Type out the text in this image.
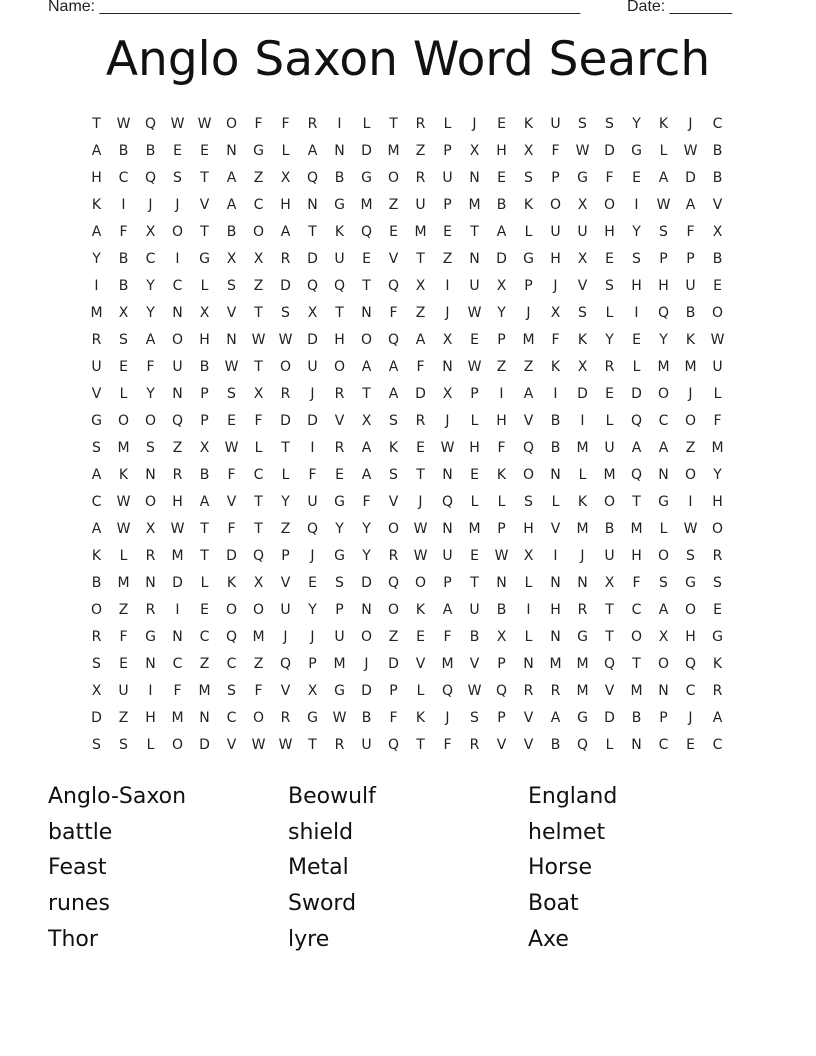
Name: ______________________________________________________	Date: _______
Anglo Saxon Word Search
T	W	Q	W W	O	F	F	R	I	L	T	R	L	J	E	K	U	S	S	Y	K	J	C
A	B	B	E	E	N	G	L	A	N	D	M	Z	P	X	H	X	F	W	D	G	L	W	B
H	C	Q	S	T	A	Z	X	Q	B	G	O	R	U	N	E	S	P	G	F	E	A	D	B
K	I	J	J	V	A	C	H	N	G	M	Z	U	P	M	B	K	O	X	O	I	W	A	V
A	F	X	O	T	B	O	A	T	K	Q	E	M	E	T	A	L	U	U	H	Y	S	F	X
Y	B	C	I	G	X	X	R	D	U	E	V	T	Z	N	D	G	H	X	E	S	P	P	B
I	B	Y	C	L	S	Z	D	Q	Q	T	Q	X	I	U	X	P	J	V	S	H	H	U	E
M	X	Y	N	X	V	T	S	X	T	N	F	Z	J	W	Y	J	X	S	L	I	Q	B	O
R	S	A	O	H	N	W W	D	H	O	Q	A	X	E	P	M	F	K	Y	E	Y	K	W
U	E	F	U	B	W	T	O	U	O	A	A	F	N	W	Z	Z	K	X	R	L	M	M	U
V	L	Y	N	P	S	X	R	J	R	T	A	D	X	P	I	A	I	D	E	D	O	J	L
G	O	O	Q	P	E	F	D	D	V	X	S	R	J	L	H	V	B	I	L	Q	C	O	F
S	M	S	Z	X	W	L	T	I	R	A	K	E	W	H	F	Q	B	M	U	A	A	Z	M
A	K	N	R	B	F	C	L	F	E	A	S	T	N	E	K	O	N	L	M	Q	N	O	Y
C	W	O	H	A	V	T	Y	U	G	F	V	J	Q	L	L	S	L	K	O	T	G	I	H
A	W	X	W	T	F	T	Z	Q	Y	Y	O	W	N	M	P	H	V	M	B	M	L	W	O
K	L	R	M	T	D	Q	P	J	G	Y	R	W	U	E	W	X	I	J	U	H	O	S	R
B	M	N	D	L	K	X	V	E	S	D	Q	O	P	T	N	L	N	N	X	F	S	G	S
O	Z	R	I	E	O	O	U	Y	P	N	O	K	A	U	B	I	H	R	T	C	A	O	E
R	F	G	N	C	Q	M	J	J	U	O	Z	E	F	B	X	L	N	G	T	O	X	H	G
S	E	N	C	Z	C	Z	Q	P	M	J	D	V	M	V	P	N	M	M	Q	T	O	Q	K
X	U	I	F	M	S	F	V	X	G	D	P	L	Q	W	Q	R	R	M	V	M	N	C	R
D	Z	H	M	N	C	O	R	G	W	B	F	K	J	S	P	V	A	G	D	B	P	J	A
S	S	L	O	D	V	W W	T	R	U	Q	T	F	R	V	V	B	Q	L	N	C	E	C
Anglo-Saxon	Beowulf	England
battle	shield	helmet
Feast	Metal	Horse
runes	Sword	Boat
Thor	lyre	Axe
